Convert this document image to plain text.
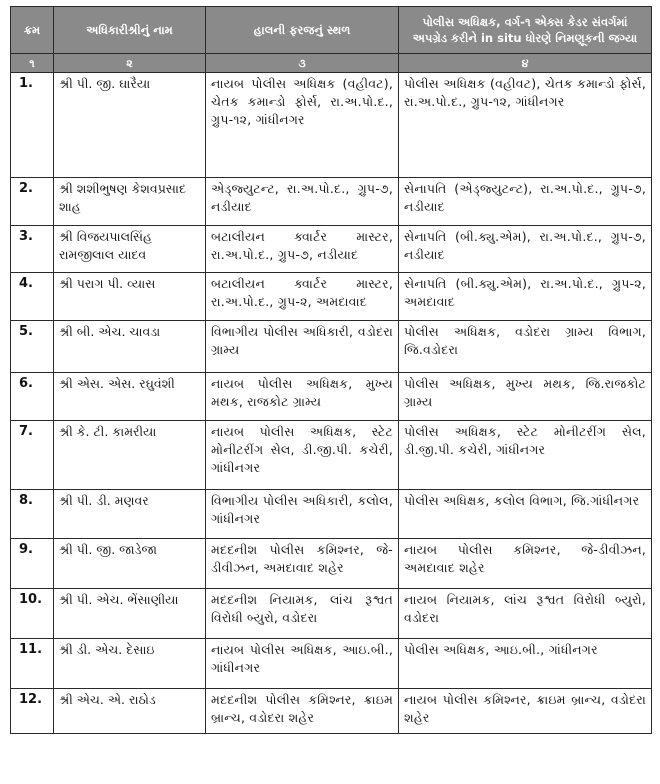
ક્રમ	અધિકારીશ્રીનું નામ	હાલની ફરજનું સ્થળ	પોલીસ અધિક્ષક, વર્ગ-૧ એક્સ કેડર સંવર્ગમાં અપગ્રેડ કરીને in situ ધોરણે નિમણૂકની જગ્યા
૧	૨	૩	૪
1.	શ્રી પી. જી. ઘારૈયા	નાયબ પોલીસ અધિક્ષક (વહીવટ), ચેતક કમાન્ડો ફોર્સ, રા.અ.પો.દ., ગ્રુપ-૧૨, ગાંધીનગર	પોલીસ અધિક્ષક (વહીવટ), ચેતક કમાન્ડો ફોર્સ, રા.અ.પો.દ., ગ્રુપ-૧૨, ગાંધીનગર
2.	શ્રી શશીભુષણ કેશવપ્રસાદ શાહ	એડ્જ્યુટન્ટ, રા.અ.પો.દ., ગ્રુપ-૭, નડીયાદ	સેનાપતિ (એડ્જ્યુટન્ટ), રા.અ.પો.દ., ગ્રુપ-૭, નડીયાદ
3.	શ્રી વિજયપાલસિંહ રામજીલાલ યાદવ	બટાલીયન ક્વાર્ટર માસ્ટર, રા.અ.પો.દ., ગ્રુપ-૭, નડીયાદ	સેનાપતિ (બી.ક્યુ.એમ), રા.અ.પો.દ., ગ્રુપ-૭, નડીયાદ
4.	શ્રી પરાગ પી. વ્યાસ	બટાલીયન ક્વાર્ટર માસ્ટર, રા.અ.પો.દ., ગ્રુપ-૨, અમદાવાદ	સેનાપતિ (બી.ક્યુ.એમ), રા.અ.પો.દ., ગ્રુપ-૨, અમદાવાદ
5.	શ્રી બી. એચ. ચાવડા	વિભાગીય પોલીસ અધિકારી, વડોદરા ગ્રામ્ય	પોલીસ અધિક્ષક, વડોદરા ગ્રામ્ય વિભાગ, જિ.વડોદરા
6.	શ્રી એસ. એસ. રઘુવંશી	નાયબ પોલીસ અધિક્ષક, મુખ્ય મથક, રાજકોટ ગ્રામ્ય	પોલીસ અધિક્ષક, મુખ્ય મથક, જિ.રાજકોટ ગ્રામ્ય
7.	શ્રી કે. ટી. કામરીયા	નાયબ પોલીસ અધિક્ષક, સ્ટેટ મોનીટરીંગ સેલ, ડી.જી.પી. કચેરી, ગાંધીનગર	પોલીસ અધિક્ષક, સ્ટેટ મોનીટરીંગ સેલ, ડી.જી.પી. કચેરી, ગાંધીનગર
8.	શ્રી પી. ડી. મણવર	વિભાગીય પોલીસ અધિકારી, કલોલ, ગાંધીનગર	પોલીસ અધિક્ષક, કલોલ વિભાગ, જિ.ગાંધીનગર
9.	શ્રી પી. જી. જાડેજા	મદદનીશ પોલીસ કમિશ્નર, જે-ડીવીઝન, અમદાવાદ શહેર	નાયબ પોલીસ કમિશ્નર, જે-ડીવીઝન, અમદાવાદ શહેર
10.	શ્રી પી. એચ. ભેંસાણીયા	મદદનીશ નિયામક, લાંચ રૂશ્વત વિરોધી બ્યુરો, વડોદરા	નાયબ નિયામક, લાંચ રૂશ્વત વિરોધી બ્યુરો, વડોદરા
11.	શ્રી ડી. એચ. દેસાઇ	નાયબ પોલીસ અધિક્ષક, આઇ.બી., ગાંધીનગર	પોલીસ અધિક્ષક, આઇ.બી., ગાંધીનગર
12.	શ્રી એચ. એ. રાઠોડ	મદદનીશ પોલીસ કમિશ્નર, ક્રાઇમ બ્રાન્ચ, વડોદરા શહેર	નાયબ પોલીસ કમિશ્નર, ક્રાઇમ બ્રાન્ચ, વડોદરા શહેર
